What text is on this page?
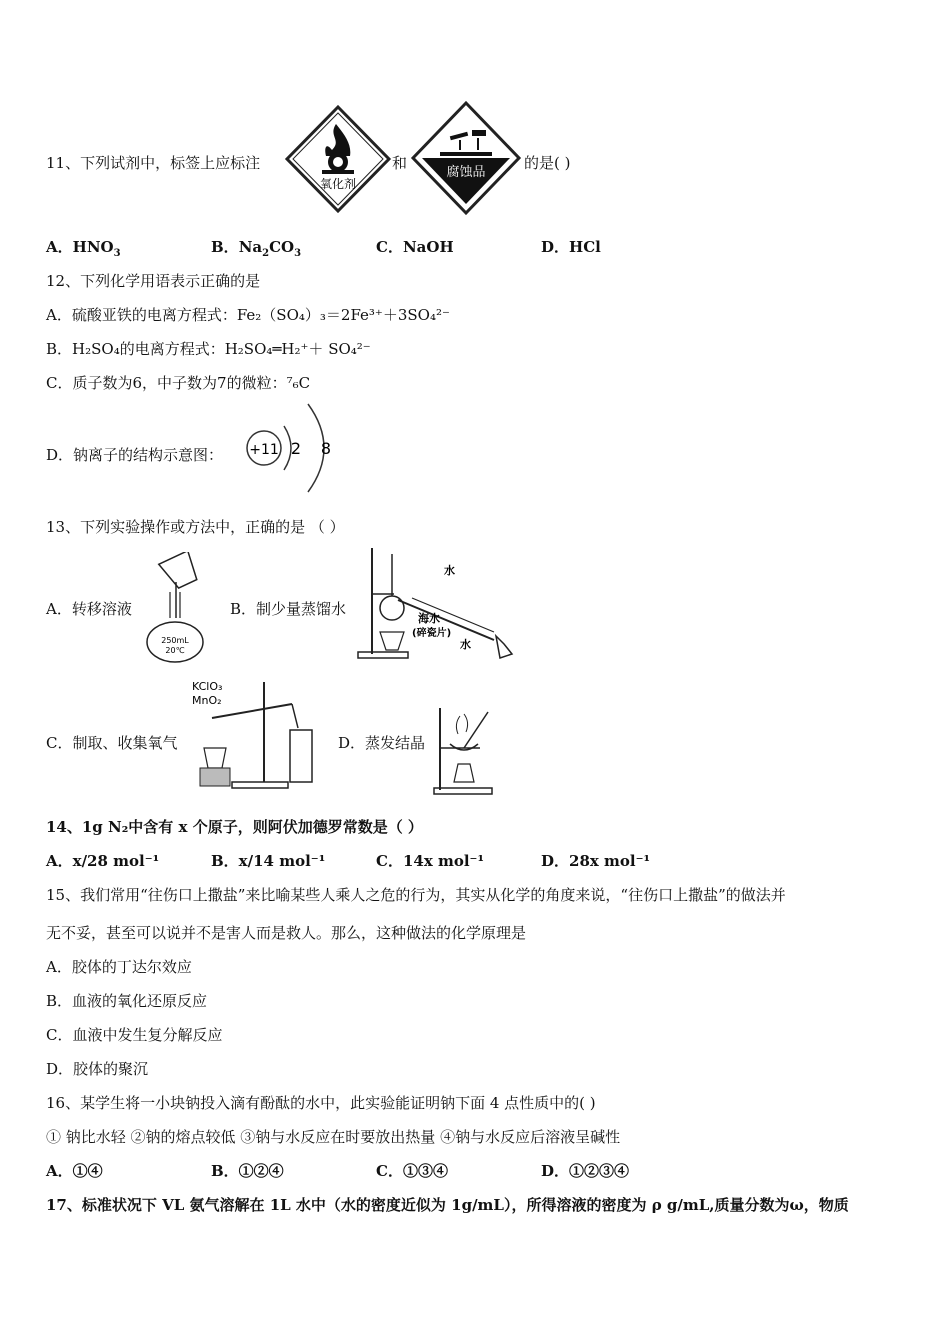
11、下列试剂中，标签上应标注
氧化剂
和
腐蚀品
的是( )
A．$HNO_3$	B．$Na_2CO_3$	C．NaOH	D．HCl
12、下列化学用语表示正确的是
A．硫酸亚铁的电离方程式：Fe₂（SO₄）₃＝2Fe³⁺＋3SO₄²⁻
B．H₂SO₄的电离方程式：H₂SO₄═H₂⁺＋ SO₄²⁻
C．质子数为6，中子数为7的微粒：⁷₆C
D．钠离子的结构示意图： +11 2 8
13、下列实验操作或方法中，正确的是 （ ）
A．转移溶液
250mL
20℃
B．制少量蒸馏水
水
海水
(碎瓷片)
水
C．制取、收集氧气
KClO₃
MnO₂
D．蒸发结晶
14、1g N₂中含有 x 个原子，则阿伏加德罗常数是（ ）
A．x/28 mol⁻¹	B．x/14 mol⁻¹	C．14x mol⁻¹	D．28x mol⁻¹
15、我们常用“往伤口上撒盐”来比喻某些人乘人之危的行为，其实从化学的角度来说，“往伤口上撒盐”的做法并
无不妥，甚至可以说并不是害人而是救人。那么，这种做法的化学原理是
A．胶体的丁达尔效应
B．血液的氧化还原反应
C．血液中发生复分解反应
D．胶体的聚沉
16、某学生将一小块钠投入滴有酚酞的水中，此实验能证明钠下面 4 点性质中的( )
① 钠比水轻 ②钠的熔点较低 ③钠与水反应在时要放出热量 ④钠与水反应后溶液呈碱性
A．①④	B．①②④	C．①③④	D．①②③④
17、标准状况下 VL 氨气溶解在 1L 水中（水的密度近似为 1g/mL），所得溶液的密度为 ρ g/mL,质量分数为ω，物质
